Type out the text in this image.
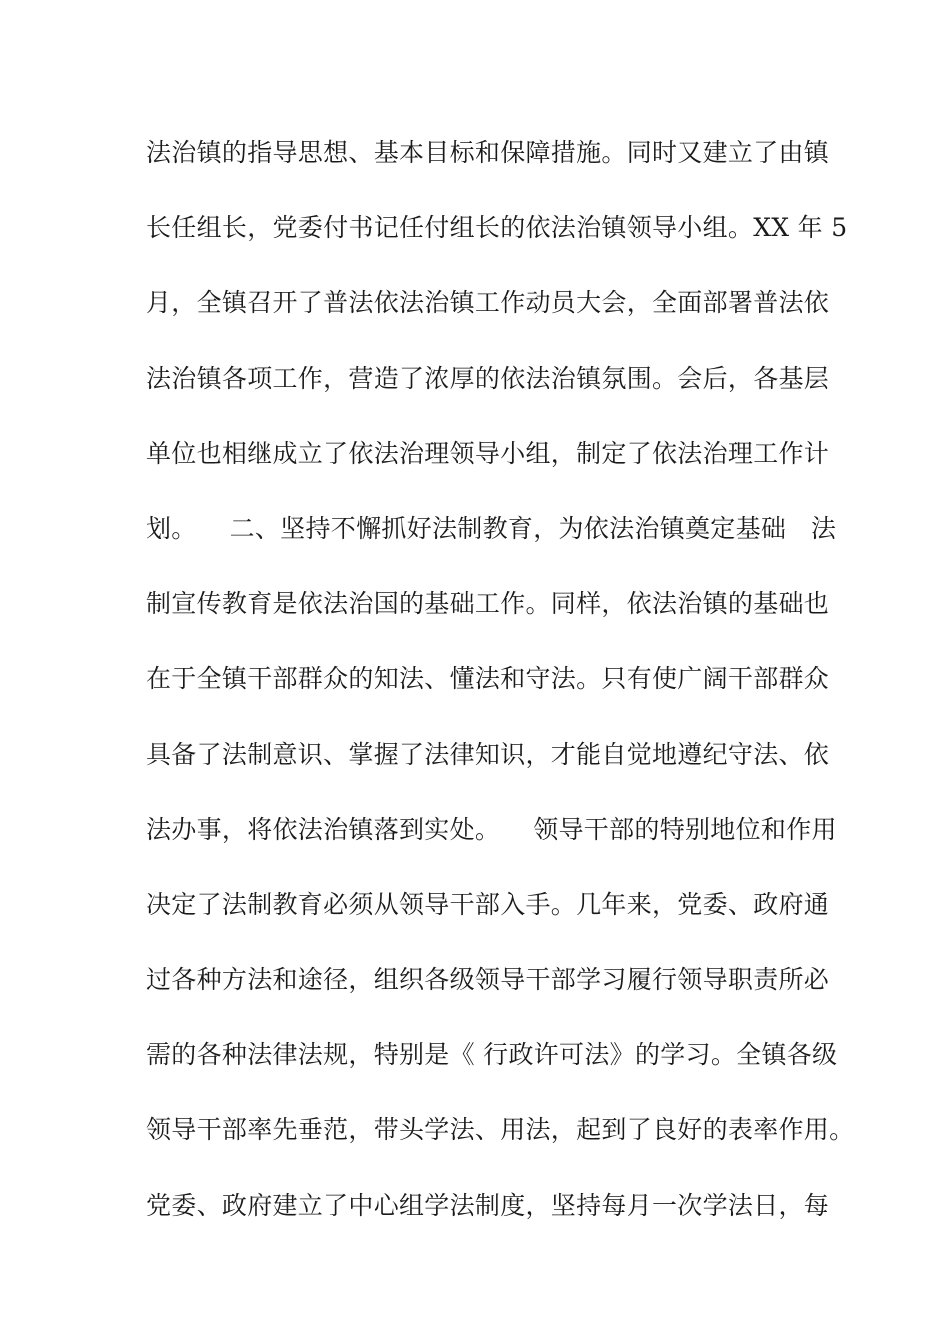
法治镇的指导思想、基本目标和保障措施。同时又建立了由镇
长任组长，党委付书记任付组长的依法治镇领导小组。XX 年 5
月，全镇召开了普法依法治镇工作动员大会，全面部署普法依
法治镇各项工作，营造了浓厚的依法治镇氛围。会后，各基层
单位也相继成立了依法治理领导小组，制定了依法治理工作计
划。    二、坚持不懈抓好法制教育，为依法治镇奠定基础   法
制宣传教育是依法治国的基础工作。同样，依法治镇的基础也
在于全镇干部群众的知法、懂法和守法。只有使广阔干部群众
具备了法制意识、掌握了法律知识，才能自觉地遵纪守法、依
法办事，将依法治镇落到实处。    领导干部的特别地位和作用
决定了法制教育必须从领导干部入手。几年来，党委、政府通
过各种方法和途径，组织各级领导干部学习履行领导职责所必
需的各种法律法规，特别是《 行政许可法》的学习。全镇各级
领导干部率先垂范，带头学法、用法，起到了良好的表率作用。
党委、政府建立了中心组学法制度，坚持每月一次学法日，每
